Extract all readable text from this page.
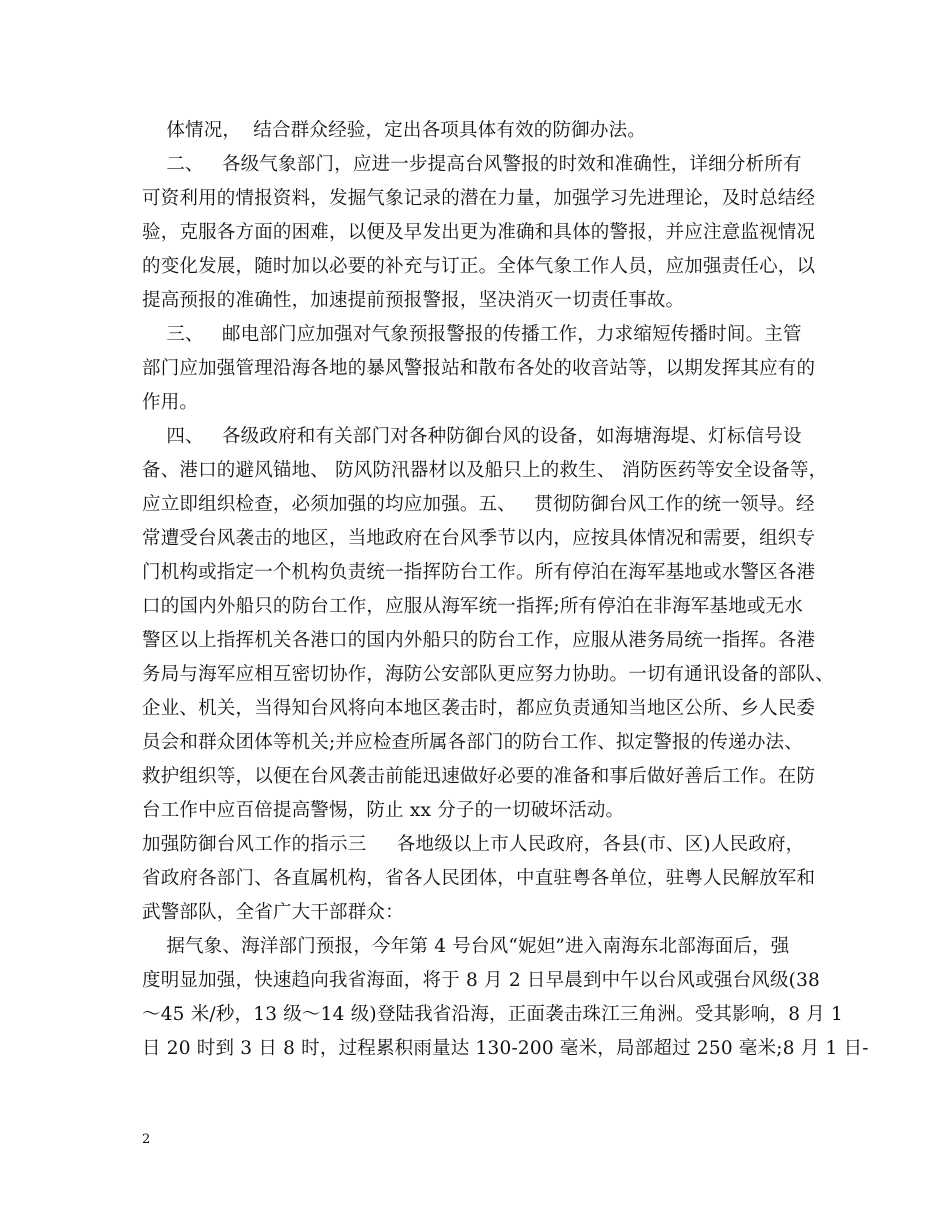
体情况，  结合群众经验，定出各项具体有效的防御办法。
二、   各级气象部门，应进一步提高台风警报的时效和准确性，详细分析所有
可资利用的情报资料，发掘气象记录的潜在力量，加强学习先进理论，及时总结经
验，克服各方面的困难，以便及早发出更为准确和具体的警报，并应注意监视情况
的变化发展，随时加以必要的补充与订正。全体气象工作人员，应加强责任心，以
提高预报的准确性，加速提前预报警报，坚决消灭一切责任事故。
三、   邮电部门应加强对气象预报警报的传播工作，力求缩短传播时间。主管
部门应加强管理沿海各地的暴风警报站和散布各处的收音站等，以期发挥其应有的
作用。
四、   各级政府和有关部门对各种防御台风的设备，如海塘海堤、灯标信号设
备、港口的避风锚地、 防风防汛器材以及船只上的救生、 消防医药等安全设备等，
应立即组织检查，必须加强的均应加强。五、   贯彻防御台风工作的统一领导。经
常遭受台风袭击的地区，当地政府在台风季节以内，应按具体情况和需要，组织专
门机构或指定一个机构负责统一指挥防台工作。所有停泊在海军基地或水警区各港
口的国内外船只的防台工作，应服从海军统一指挥;所有停泊在非海军基地或无水
警区以上指挥机关各港口的国内外船只的防台工作，应服从港务局统一指挥。各港
务局与海军应相互密切协作，海防公安部队更应努力协助。一切有通讯设备的部队、
企业、机关，当得知台风将向本地区袭击时，都应负责通知当地区公所、乡人民委
员会和群众团体等机关;并应检查所属各部门的防台工作、拟定警报的传递办法、
救护组织等，以便在台风袭击前能迅速做好必要的准备和事后做好善后工作。在防
台工作中应百倍提高警惕，防止 xx 分子的一切破坏活动。
加强防御台风工作的指示三     各地级以上市人民政府，各县(市、区)人民政府，
省政府各部门、各直属机构，省各人民团体，中直驻粤各单位，驻粤人民解放军和
武警部队，全省广大干部群众：
据气象、海洋部门预报，今年第 4 号台风“妮妲”进入南海东北部海面后，强
度明显加强，快速趋向我省海面，将于 8 月 2 日早晨到中午以台风或强台风级(38
～45 米/秒，13 级～14 级)登陆我省沿海，正面袭击珠江三角洲。受其影响，8 月 1
日 20 时到 3 日 8 时，过程累积雨量达 130-200 毫米，局部超过 250 毫米;8 月 1 日-
2
